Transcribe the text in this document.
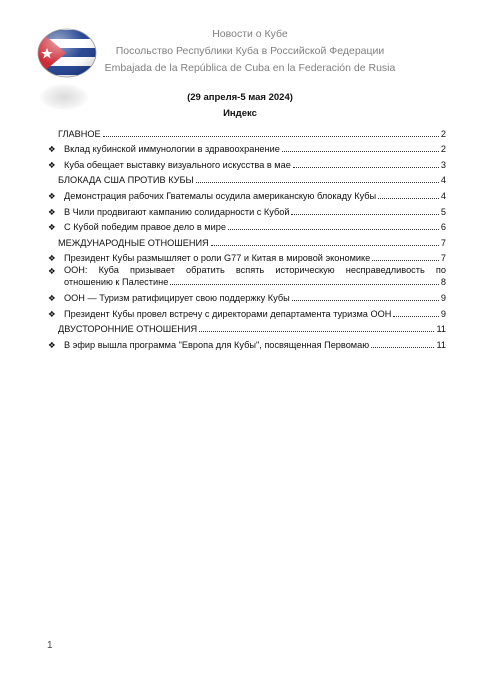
Новости о Кубе
Посольство Республики Куба в Российской Федерации
Embajada de la República de Cuba en la Federación de Rusia
(29 апреля-5 мая 2024)
Индекс
ГЛАВНОЕ	2
❖ Вклад кубинской иммунологии в здравоохранение	2
❖ Куба обещает выставку визуального искусства в мае	3
БЛОКАДА США ПРОТИВ КУБЫ	4
❖ Демонстрация рабочих Гватемалы осудила американскую блокаду Кубы	4
❖ В Чили продвигают кампанию солидарности с Кубой	5
❖ С Кубой победим правое дело в мире	6
МЕЖДУНАРОДНЫЕ ОТНОШЕНИЯ	7
❖ Президент Кубы размышляет о роли G77 и Китая в мировой экономике	7
❖ ООН: Куба призывает обратить вспять историческую несправедливость по
отношению к Палестине	8
❖ ООН — Туризм ратифицирует свою поддержку Кубы	9
❖ Президент Кубы провел встречу с директорами департамента туризма ООН	9
ДВУСТОРОННИЕ ОТНОШЕНИЯ	11
❖ В эфир вышла программа "Европа для Кубы", посвященная Первомаю	11
1
